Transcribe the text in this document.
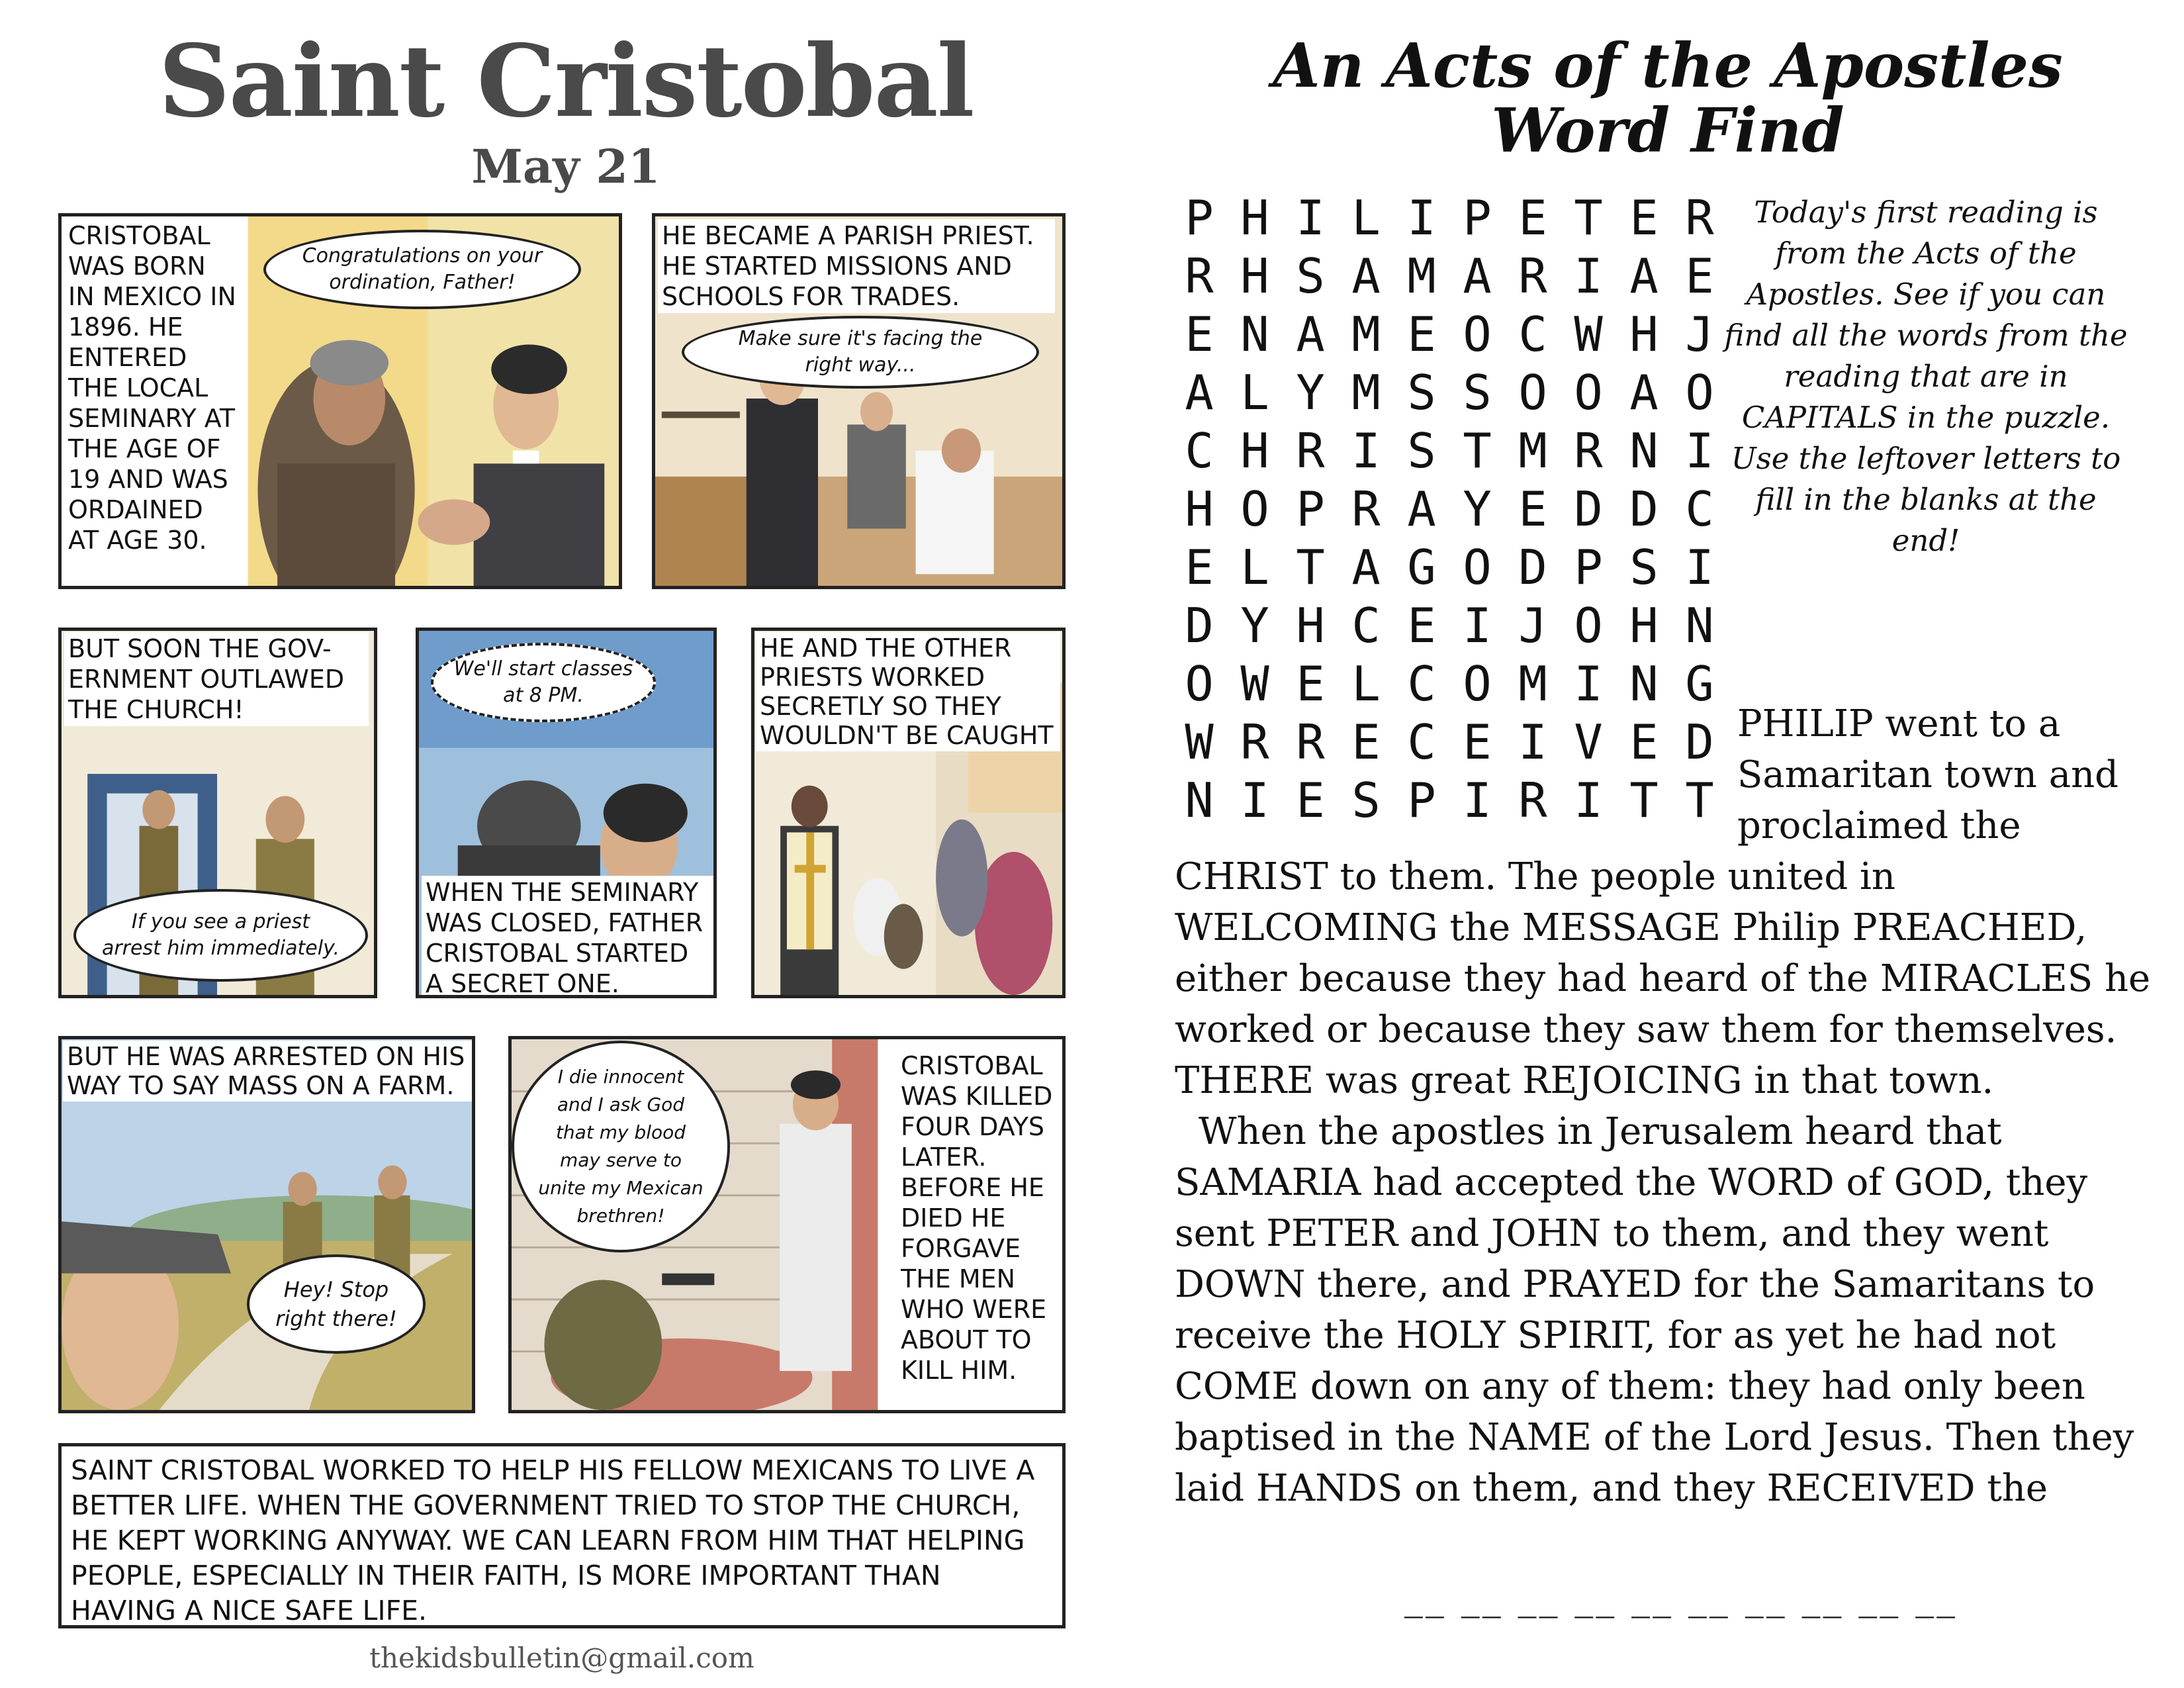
Saint Cristobal
May 21
CRISTOBAL
WAS BORN
IN MEXICO IN
1896. HE
ENTERED
THE LOCAL
SEMINARY AT
THE AGE OF
19 AND WAS
ORDAINED
AT AGE 30.
Congratulations on your
ordination, Father!
HE BECAME A PARISH PRIEST.
HE STARTED MISSIONS AND
SCHOOLS FOR TRADES.
Make sure it's facing the
right way...
BUT SOON THE GOV-
ERNMENT OUTLAWED
THE CHURCH!
If you see a priest
arrest him immediately.
We'll start classes
at 8 PM.
WHEN THE SEMINARY
WAS CLOSED, FATHER
CRISTOBAL STARTED
A SECRET ONE.
HE AND THE OTHER
PRIESTS WORKED
SECRETLY SO THEY
WOULDN'T BE CAUGHT
BUT HE WAS ARRESTED ON HIS
WAY TO SAY MASS ON A FARM.
Hey! Stop
right there!
I die innocent
and I ask God
that my blood
may serve to
unite my Mexican
brethren!
CRISTOBAL
WAS KILLED
FOUR DAYS
LATER.
BEFORE HE
DIED HE
FORGAVE
THE MEN
WHO WERE
ABOUT TO
KILL HIM.
SAINT CRISTOBAL WORKED TO HELP HIS FELLOW MEXICANS TO LIVE A BETTER LIFE. WHEN THE GOVERNMENT TRIED TO STOP THE CHURCH, HE KEPT WORKING ANYWAY. WE CAN LEARN FROM HIM THAT HELPING PEOPLE, ESPECIALLY IN THEIR FAITH, IS MORE IMPORTANT THAN HAVING A NICE SAFE LIFE.
thekidsbulletin@gmail.com
An Acts of the Apostles
Word Find
P H I L I P E T E R
R H S A M A R I A E
E N A M E O C W H J
A L Y M S S O O A O
C H R I S T M R N I
H O P R A Y E D D C
E L T A G O D P S I
D Y H C E I J O H N
O W E L C O M I N G
W R R E C E I V E D
N I E S P I R I T T
Today's first reading is from the Acts of the Apostles. See if you can find all the words from the reading that are in CAPITALS in the puzzle. Use the leftover letters to fill in the blanks at the end!
PHILIP went to a Samaritan town and proclaimed the

CHRIST to them. The people united in WELCOMING the MESSAGE Philip PREACHED, either because they had heard of the MIRACLES he worked or because they saw them for themselves. THERE was great REJOICING in that town.

When the apostles in Jerusalem heard that SAMARIA had accepted the WORD of GOD, they sent PETER and JOHN to them, and they went DOWN there, and PRAYED for the Samaritans to receive the HOLY SPIRIT, for as yet he had not COME down on any of them: they had only been baptised in the NAME of the Lord Jesus. Then they laid HANDS on them, and they RECEIVED the

__ __ __ __ __ __ __ __ __ __
